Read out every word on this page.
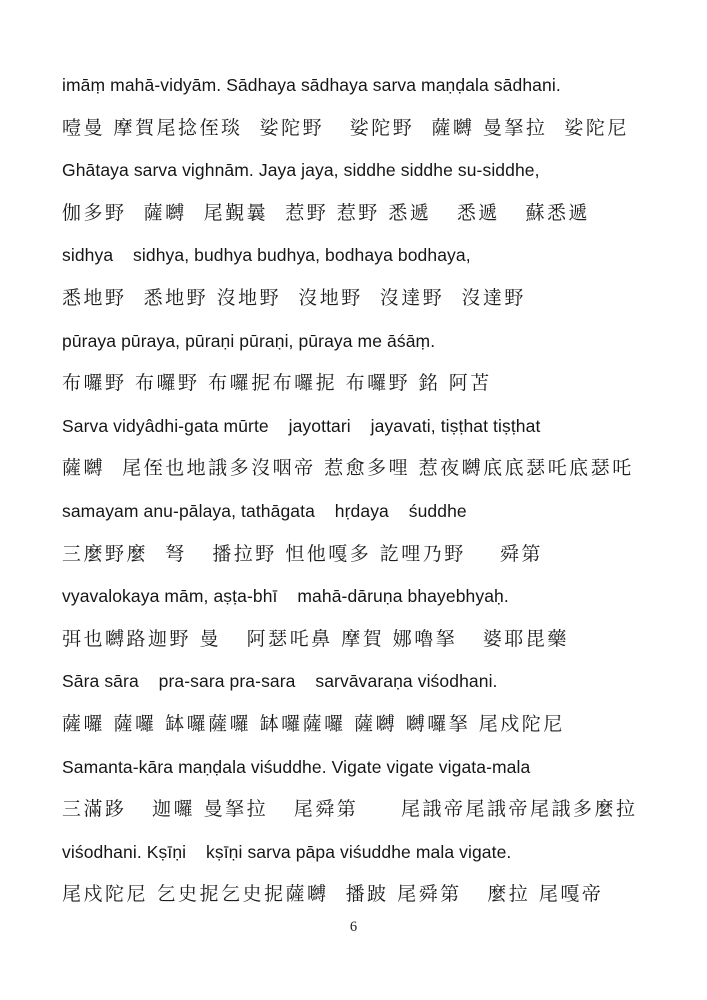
imāṃ mahā-vidyām. Sādhaya sādhaya sarva maṇḍala sādhani.
噎曼 摩賀尾捻侄琰  娑陀野   娑陀野  薩嚩 曼拏拉  娑陀尼
Ghātaya sarva vighnām. Jaya jaya, siddhe siddhe su-siddhe,
伽多野  薩嚩  尾覲曩  惹野 惹野 悉遞   悉遞   蘇悉遞
sidhya    sidhya, budhya budhya, bodhaya bodhaya,
悉地野  悉地野 沒地野  沒地野  沒達野  沒達野
pūraya pūraya, pūraṇi pūraṇi, pūraya me āśāṃ.
布囉野 布囉野 布囉抳布囉抳 布囉野 銘 阿苫
Sarva vidyâdhi-gata mūrte    jayottari    jayavati, tiṣṭhat tiṣṭhat
薩嚩  尾侄也地誐多沒咽帝 惹愈多哩 惹夜嚩底底瑟吒底瑟吒
samayam anu-pālaya, tathāgata    hṛdaya    śuddhe
三麼野麼  弩   播拉野 怛他嘎多 訖哩乃野    舜第
vyavalokaya mām, aṣṭa-bhī    mahā-dāruṇa bhayebhyaḥ.
弭也嚩路迦野 曼   阿瑟吒鼻 摩賀 娜嚕拏   婆耶毘藥
Sāra sāra    pra-sara pra-sara    sarvāvaraṇa viśodhani.
薩囉 薩囉 缽囉薩囉 缽囉薩囉 薩嚩 嚩囉拏 尾戍陀尼
Samanta-kāra maṇḍala viśuddhe. Vigate vigate vigata-mala
三滿跢   迦囉 曼拏拉   尾舜第     尾誐帝尾誐帝尾誐多麼拉
viśodhani. Kṣīṇi    kṣīṇi sarva pāpa viśuddhe mala vigate.
尾戍陀尼 乞史抳乞史抳薩嚩  播跛 尾舜第   麼拉 尾嘎帝
6
